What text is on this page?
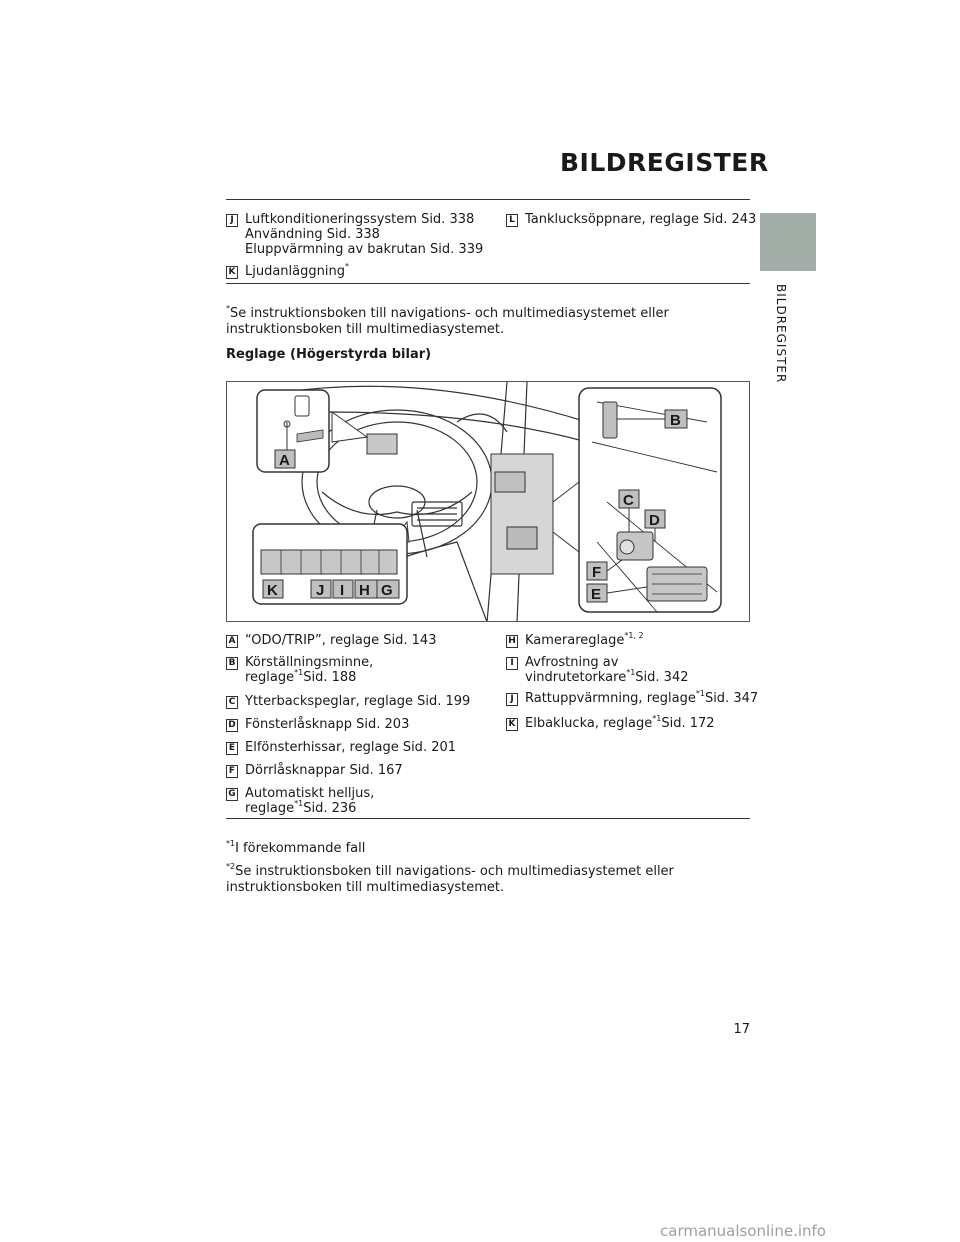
BILDREGISTER
BILDREGISTER
J Luftkonditioneringssystem Sid. 338
Användning Sid. 338
Eluppvärmning av bakrutan Sid. 339
K Ljudanläggning*
L Tanklucksöppnare, reglage Sid. 243
*Se instruktionsboken till navigations- och multimediasystemet eller instruktionsboken till multimediasystemet.
Reglage (Högerstyrda bilar)
A
B
C
D
E
F
G
H
I
J
K
A “ODO/TRIP”, reglage Sid. 143
B Körställningsminne,
reglage$^{*1}$Sid. 188
C Ytterbackspeglar, reglage Sid. 199
D Fönsterlåsknapp Sid. 203
E Elfönsterhissar, reglage Sid. 201
F Dörrlåsknappar Sid. 167
G Automatiskt helljus,
reglage$^{*1}$Sid. 236
H Kamerareglage$^{*1, 2}$
I Avfrostning av
vindrutetorkare$^{*1}$Sid. 342
J Rattuppvärmning, reglage$^{*1}$Sid. 347
K Elbaklucka, reglage$^{*1}$Sid. 172
$^{*1}$I förekommande fall
$^{*2}$Se instruktionsboken till navigations- och multimediasystemet eller instruktionsboken till multimediasystemet.
17
carmanualsonline.info
